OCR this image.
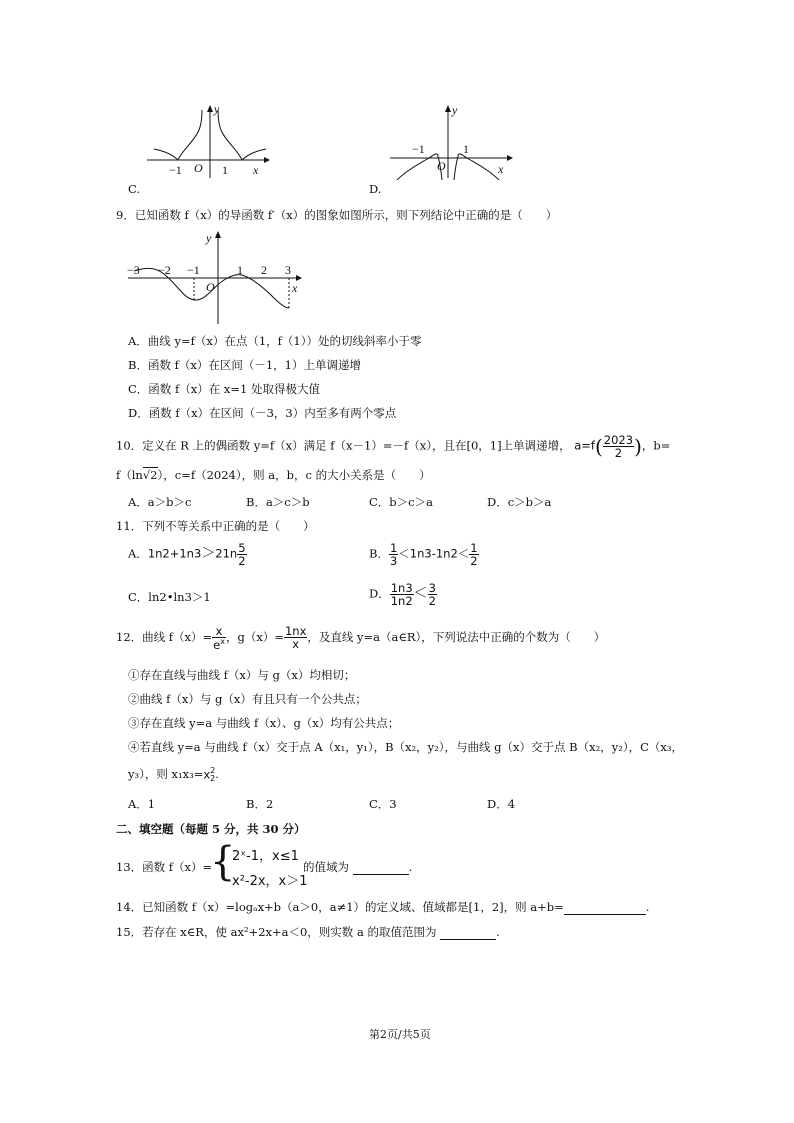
y
x
O
−1	1
C.
y
x
O
−1	1
D.
9．已知函数 f（x）的导函数 f′（x）的图象如图所示，则下列结论中正确的是（　　）
y
x
O
−3 −2 −1	1 2 3
A．曲线 y=f（x）在点（1，f（1））处的切线斜率小于零
B．函数 f（x）在区间（－1，1）上单调递增
C．函数 f（x）在 x=1 处取得极大值
D．函数 f（x）在区间（－3，3）内至多有两个零点
10．定义在 R 上的偶函数 y=f（x）满足 f（x－1）=－f（x），且在[0，1]上单调递增， $a=f( \frac{2023}{2}$ )，b=
f（ln√2），c=f（2024），则 a，b，c 的大小关系是（　　）
A．a＞b＞c	B．a＞c＞b	C．b＞c＞a	D．c＞b＞a
11．下列不等关系中正确的是（　　）
A．$1n2+1n3>21n \frac{5}{2}$	B． $\frac{1}{3} <1n3-1n2< \frac{1}{2}$
C．ln2•ln3＞1	D． $\frac{1n3}{1n2} < \frac{3}{2}$
12．曲线 $f(x)= \frac{x}{e^x}$ ，$g(x)= \frac{1nx}{x}$ ，及直线 y=a（a∈R），下列说法中正确的个数为（　　）
①存在直线与曲线 f（x）与 g（x）均相切；
②曲线 f（x）与 g（x）有且只有一个公共点；
③存在直线 y=a 与曲线 f（x）、g（x）均有公共点；
④若直线 y=a 与曲线 f（x）交于点 A（x₁，y₁），B（x₂，y₂），与曲线 g（x）交于点 B（x₂，y₂），C（x₃，
y₃），则 x₁x₃=x 2
2 .
A．1	B．2	C．3	D．4
二、填空题（每题 5 分，共 30 分）
13．函数 f（x）=
{
2ˣ-1，x≤1
x²-2x，x＞1
的值域为	.
14．已知函数 f（x）=logₐx+b（a＞0，a≠1）的定义域、值域都是[1，2]，则 a+b=	.
15．若存在 x∈R，使 ax²+2x+a＜0，则实数 a 的取值范围为	.
第2页/共5页
